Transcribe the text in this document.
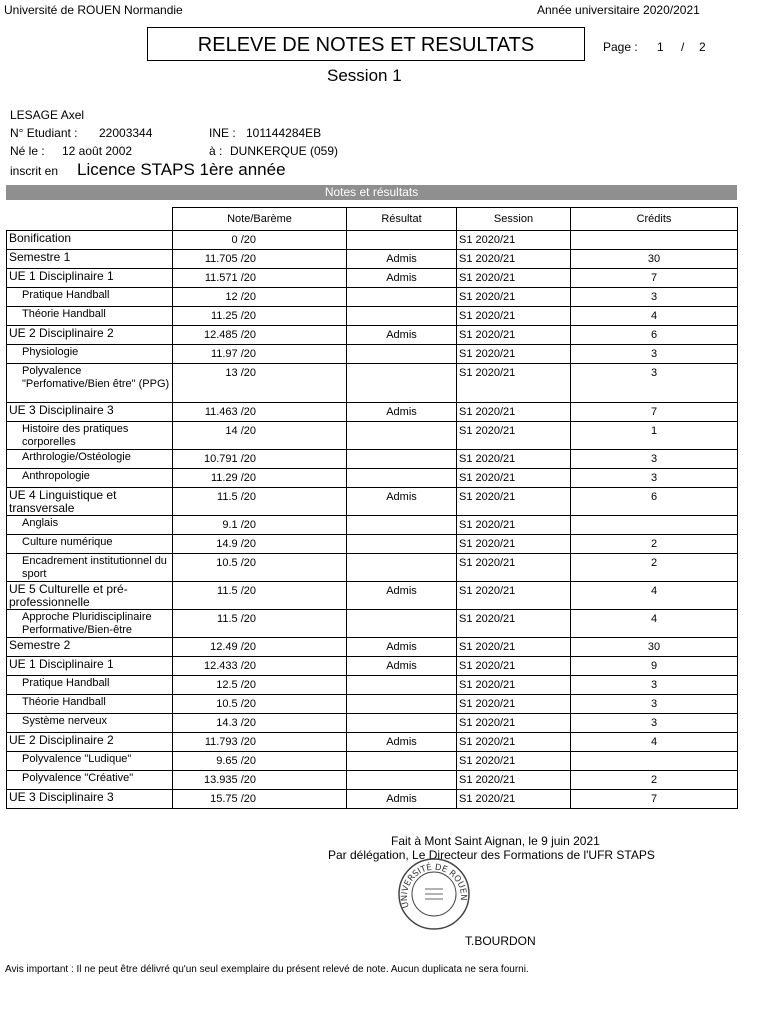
Université de ROUEN Normandie	Année universitaire 2020/2021
RELEVE DE NOTES ET RESULTATS	Page : 1 / 2
Session 1
LESAGE Axel
N° Etudiant : 22003344	INE : 101144284EB
Né le : 12 août 2002	à : DUNKERQUE (059)
inscrit en Licence STAPS 1ère année
Notes et résultats
	Note/Barème	Résultat	Session	Crédits
Bonification	0 /20		S1 2020/21	
Semestre 1	11.705 /20	Admis	S1 2020/21	30
UE 1 Disciplinaire 1	11.571 /20	Admis	S1 2020/21	7
Pratique Handball	12 /20		S1 2020/21	3
Théorie Handball	11.25 /20		S1 2020/21	4
UE 2 Disciplinaire 2	12.485 /20	Admis	S1 2020/21	6
Physiologie	11.97 /20		S1 2020/21	3
Polyvalence "Perfomative/Bien être" (PPG)	13 /20		S1 2020/21	3
UE 3 Disciplinaire 3	11.463 /20	Admis	S1 2020/21	7
Histoire des pratiques corporelles	14 /20		S1 2020/21	1
Arthrologie/Ostéologie	10.791 /20		S1 2020/21	3
Anthropologie	11.29 /20		S1 2020/21	3
UE 4 Linguistique et transversale	11.5 /20	Admis	S1 2020/21	6
Anglais	9.1 /20		S1 2020/21	
Culture numérique	14.9 /20		S1 2020/21	2
Encadrement institutionnel du sport	10.5 /20		S1 2020/21	2
UE 5 Culturelle et pré-professionnelle	11.5 /20	Admis	S1 2020/21	4
Approche Pluridisciplinaire Performative/Bien-être	11.5 /20		S1 2020/21	4
Semestre 2	12.49 /20	Admis	S1 2020/21	30
UE 1 Disciplinaire 1	12.433 /20	Admis	S1 2020/21	9
Pratique Handball	12.5 /20		S1 2020/21	3
Théorie Handball	10.5 /20		S1 2020/21	3
Système nerveux	14.3 /20		S1 2020/21	3
UE 2 Disciplinaire 2	11.793 /20	Admis	S1 2020/21	4
Polyvalence "Ludique"	9.65 /20		S1 2020/21	
Polyvalence "Créative"	13.935 /20		S1 2020/21	2
UE 3 Disciplinaire 3	15.75 /20	Admis	S1 2020/21	7
Fait à Mont Saint Aignan, le 9 juin 2021
Par délégation, Le Directeur des Formations de l'UFR STAPS
UNIVERSITÉ DE ROUEN
T.BOURDON
Avis important : Il ne peut être délivré qu'un seul exemplaire du présent relevé de note. Aucun duplicata ne sera fourni.
